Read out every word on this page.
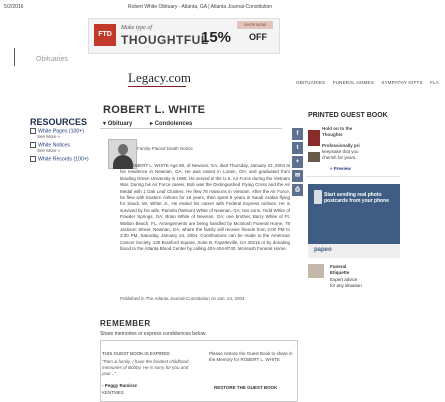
5/2/2016	Robert White Obituary - Atlanta, GA | Atlanta Journal-Constitution
FTD
Make type of
THOUGHTFUL
15% OFF
SHOP NOW
Obituaries
Legacy.com	OBITUARIES FUNERAL HOMES SYMPATHY GIFTS FLA
RESOURCES
White Pages (100+)
See More »
White Notices
See More »
White Records (100+)
ROBERT L. WHITE
▾ Obituary	▸ Condolences
Family-Placed Death Notice
MR. ROBERT L. WHITE Age 80, of Newnan, GA, died Thursday, January 22, 2004 at his residence in Newnan, GA. He was raised in Lorain, OH, and graduated from Bowling Green University in 1965. He served in the U.S. Air Force during the Vietnam War. During his Air Force career, Bob was the Distinguished Flying Cross and the Air Medal with 1 Oak Leaf Clusters. He flew 78 missions in Vietnam. After the Air Force, he flew with Eastern Airlines for 18 years, then spent 8 years in Saudi Arabia flying for Saudi. Mr. White Jr., He ended his career with Federal Express Airlines. He is survived by his wife, Pamela (Nelson) White of Newnan, GA; two sons, Todd White of Powder Springs, GA; Brian White of Newnan, GA; one brother, Barry White of Ft. Walton Beach, FL. Arrangements are being handled by Mcintosh Funeral Home, 78 Jackson Street, Newnan, GA, where the family will receive friends from 2:00 PM to 3:30 PM, Saturday, January 24, 2004. Contributions can be made to the American Cancer Society, 135 Branford Square, Suite B, Fayetteville, GA 30215 or by donating blood to the Atlanta Blood Center by calling 404-404-8740. Mcintosh Funeral Home.
Published in The Atlanta Journal-Constitution on Jan. 24, 2004
f
t
+
✉
⎙
PRINTED GUEST BOOK
Hold on to the
Thoughts
Professionally pri
keepsake that you
cherish for years.
» Preview
Start sending real photo postcards from your phone
papeo
Funeral
Etiquette
Expert advice
for any situation
REMEMBER
Share memories or express condolences below.
THIS GUEST BOOK IS EXPIRED
"Pam & family, I have the fondest childhood memories of Bobby. He is sorry for you and your..."
- Peggy Ramirez
KENTMES
Please restore the Guest Book to share in the Memory for ROBERT L. WHITE
RESTORE THE GUEST BOOK
